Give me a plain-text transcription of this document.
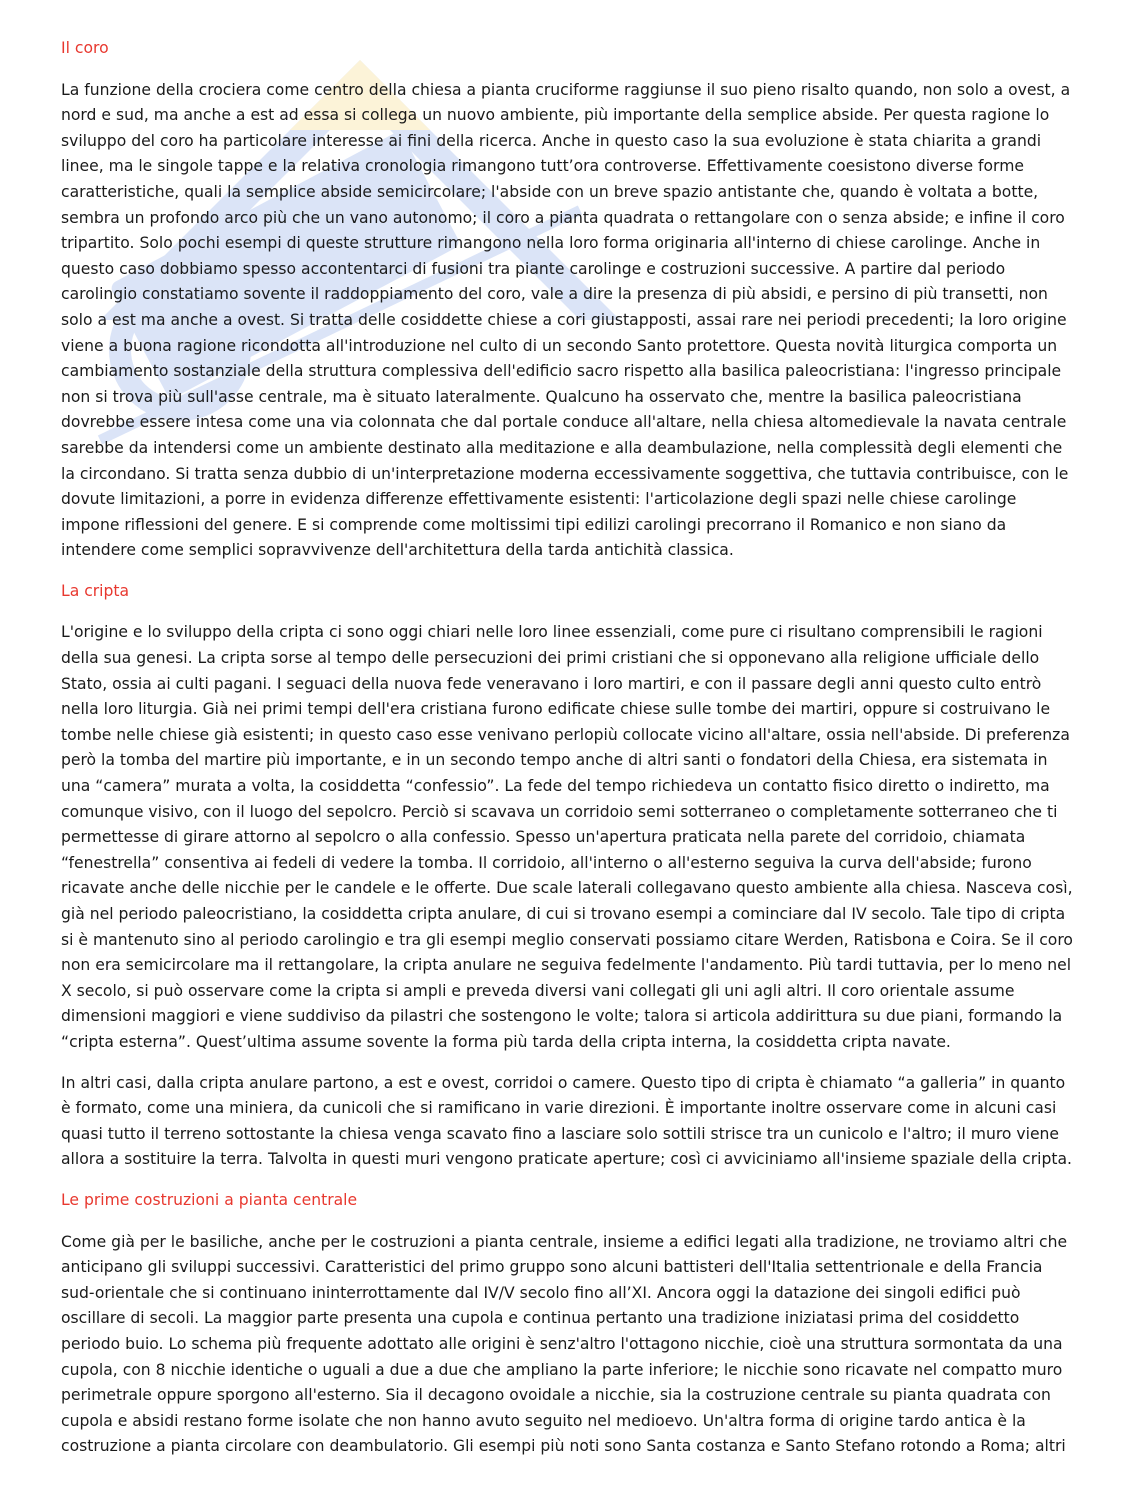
Il coro

La funzione della crociera come centro della chiesa a pianta cruciforme raggiunse il suo pieno risalto quando, non solo a ovest, a nord e sud, ma anche a est ad essa si collega un nuovo ambiente, più importante della semplice abside. Per questa ragione lo sviluppo del coro ha particolare interesse ai fini della ricerca. Anche in questo caso la sua evoluzione è stata chiarita a grandi linee, ma le singole tappe e la relativa cronologia rimangono tutt’ora controverse. Effettivamente coesistono diverse forme caratteristiche, quali la semplice abside semicircolare; l'abside con un breve spazio antistante che, quando è voltata a botte, sembra un profondo arco più che un vano autonomo; il coro a pianta quadrata o rettangolare con o senza abside; e infine il coro tripartito. Solo pochi esempi di queste strutture rimangono nella loro forma originaria all'interno di chiese carolinge. Anche in questo caso dobbiamo spesso accontentarci di fusioni tra piante carolinge e costruzioni successive. A partire dal periodo carolingio constatiamo sovente il raddoppiamento del coro, vale a dire la presenza di più absidi, e persino di più transetti, non solo a est ma anche a ovest. Si tratta delle cosiddette chiese a cori giustapposti, assai rare nei periodi precedenti; la loro origine viene a buona ragione ricondotta all'introduzione nel culto di un secondo Santo protettore. Questa novità liturgica comporta un cambiamento sostanziale della struttura complessiva dell'edificio sacro rispetto alla basilica paleocristiana: l'ingresso principale non si trova più sull'asse centrale, ma è situato lateralmente. Qualcuno ha osservato che, mentre la basilica paleocristiana dovrebbe essere intesa come una via colonnata che dal portale conduce all'altare, nella chiesa altomedievale la navata centrale sarebbe da intendersi come un ambiente destinato alla meditazione e alla deambulazione, nella complessità degli elementi che la circondano. Si tratta senza dubbio di un'interpretazione moderna eccessivamente soggettiva, che tuttavia contribuisce, con le dovute limitazioni, a porre in evidenza differenze effettivamente esistenti: l'articolazione degli spazi nelle chiese carolinge impone riflessioni del genere. E si comprende come moltissimi tipi edilizi carolingi precorrano il Romanico e non siano da intendere come semplici sopravvivenze dell'architettura della tarda antichità classica.

La cripta

L'origine e lo sviluppo della cripta ci sono oggi chiari nelle loro linee essenziali, come pure ci risultano comprensibili le ragioni della sua genesi. La cripta sorse al tempo delle persecuzioni dei primi cristiani che si opponevano alla religione ufficiale dello Stato, ossia ai culti pagani. I seguaci della nuova fede veneravano i loro martiri, e con il passare degli anni questo culto entrò nella loro liturgia. Già nei primi tempi dell'era cristiana furono edificate chiese sulle tombe dei martiri, oppure si costruivano le tombe nelle chiese già esistenti; in questo caso esse venivano perlopiù collocate vicino all'altare, ossia nell'abside. Di preferenza però la tomba del martire più importante, e in un secondo tempo anche di altri santi o fondatori della Chiesa, era sistemata in una “camera” murata a volta, la cosiddetta “confessio”. La fede del tempo richiedeva un contatto fisico diretto o indiretto, ma comunque visivo, con il luogo del sepolcro. Perciò si scavava un corridoio semi sotterraneo o completamente sotterraneo che ti permettesse di girare attorno al sepolcro o alla confessio. Spesso un'apertura praticata nella parete del corridoio, chiamata “fenestrella” consentiva ai fedeli di vedere la tomba. Il corridoio, all'interno o all'esterno seguiva la curva dell'abside; furono ricavate anche delle nicchie per le candele e le offerte. Due scale laterali collegavano questo ambiente alla chiesa. Nasceva così, già nel periodo paleocristiano, la cosiddetta cripta anulare, di cui si trovano esempi a cominciare dal IV secolo. Tale tipo di cripta si è mantenuto sino al periodo carolingio e tra gli esempi meglio conservati possiamo citare Werden, Ratisbona e Coira. Se il coro non era semicircolare ma il rettangolare, la cripta anulare ne seguiva fedelmente l'andamento. Più tardi tuttavia, per lo meno nel X secolo, si può osservare come la cripta si ampli e preveda diversi vani collegati gli uni agli altri. Il coro orientale assume dimensioni maggiori e viene suddiviso da pilastri che sostengono le volte; talora si articola addirittura su due piani, formando la “cripta esterna”. Quest’ultima assume sovente la forma più tarda della cripta interna, la cosiddetta cripta navate.

In altri casi, dalla cripta anulare partono, a est e ovest, corridoi o camere. Questo tipo di cripta è chiamato “a galleria” in quanto è formato, come una miniera, da cunicoli che si ramificano in varie direzioni. È importante inoltre osservare come in alcuni casi quasi tutto il terreno sottostante la chiesa venga scavato fino a lasciare solo sottili strisce tra un cunicolo e l'altro; il muro viene allora a sostituire la terra. Talvolta in questi muri vengono praticate aperture; così ci avviciniamo all'insieme spaziale della cripta.

Le prime costruzioni a pianta centrale

Come già per le basiliche, anche per le costruzioni a pianta centrale, insieme a edifici legati alla tradizione, ne troviamo altri che anticipano gli sviluppi successivi. Caratteristici del primo gruppo sono alcuni battisteri dell'Italia settentrionale e della Francia sud-orientale che si continuano ininterrottamente dal IV/V secolo fino all’XI. Ancora oggi la datazione dei singoli edifici può oscillare di secoli. La maggior parte presenta una cupola e continua pertanto una tradizione iniziatasi prima del cosiddetto periodo buio. Lo schema più frequente adottato alle origini è senz'altro l'ottagono nicchie, cioè una struttura sormontata da una cupola, con 8 nicchie identiche o uguali a due a due che ampliano la parte inferiore; le nicchie sono ricavate nel compatto muro perimetrale oppure sporgono all'esterno. Sia il decagono ovoidale a nicchie, sia la costruzione centrale su pianta quadrata con cupola e absidi restano forme isolate che non hanno avuto seguito nel medioevo. Un'altra forma di origine tardo antica è la costruzione a pianta circolare con deambulatorio. Gli esempi più noti sono Santa costanza e Santo Stefano rotondo a Roma; altri
